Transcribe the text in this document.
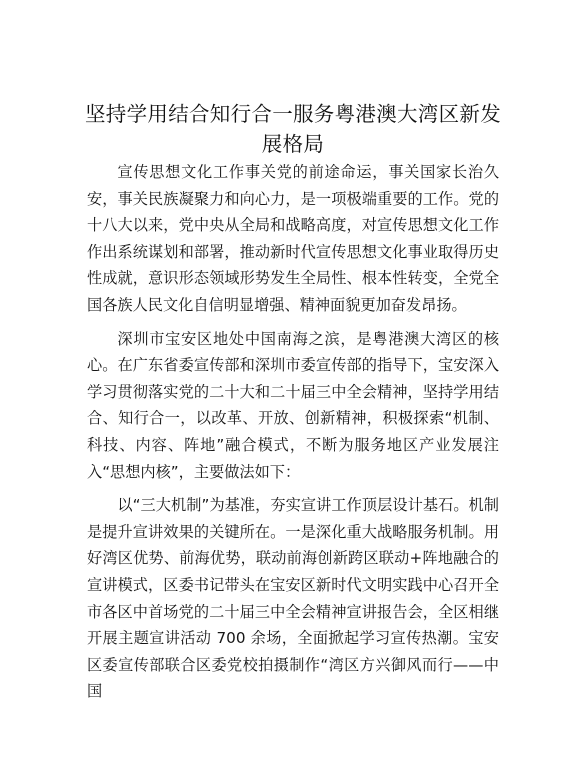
坚持学用结合知行合一服务粤港澳大湾区新发展格局

宣传思想文化工作事关党的前途命运，事关国家长治久安，事关民族凝聚力和向心力，是一项极端重要的工作。党的十八大以来，党中央从全局和战略高度，对宣传思想文化工作作出系统谋划和部署，推动新时代宣传思想文化事业取得历史性成就，意识形态领域形势发生全局性、根本性转变，全党全国各族人民文化自信明显增强、精神面貌更加奋发昂扬。

深圳市宝安区地处中国南海之滨，是粤港澳大湾区的核心。在广东省委宣传部和深圳市委宣传部的指导下，宝安深入学习贯彻落实党的二十大和二十届三中全会精神，坚持学用结合、知行合一，以改革、开放、创新精神，积极探索“机制、科技、内容、阵地”融合模式，不断为服务地区产业发展注入“思想内核”，主要做法如下：

以“三大机制”为基准，夯实宣讲工作顶层设计基石。机制是提升宣讲效果的关键所在。一是深化重大战略服务机制。用好湾区优势、前海优势，联动前海创新跨区联动+阵地融合的宣讲模式，区委书记带头在宝安区新时代文明实践中心召开全市各区中首场党的二十届三中全会精神宣讲报告会，全区相继开展主题宣讲活动 700 余场，全面掀起学习宣传热潮。宝安区委宣传部联合区委党校拍摄制作“湾区方兴御风而行——中国
